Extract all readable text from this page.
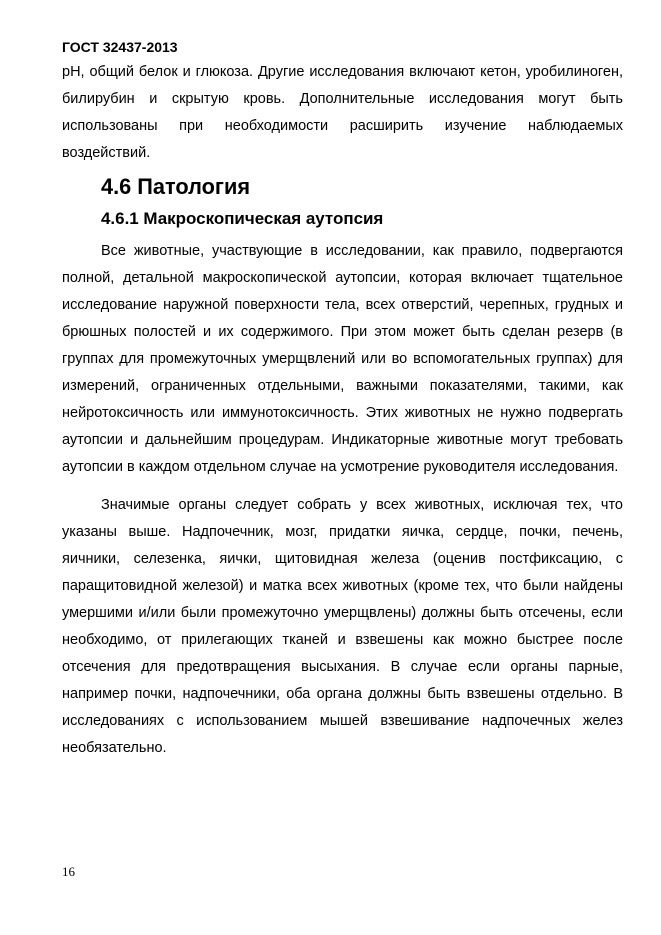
ГОСТ 32437-2013

рН, общий белок и глюкоза. Другие исследования включают кетон, уробилиноген, билирубин и скрытую кровь. Дополнительные исследования могут быть использованы при необходимости расширить изучение наблюдаемых воздействий.

4.6 Патология
4.6.1 Макроскопическая аутопсия

Все животные, участвующие в исследовании, как правило, подвергаются полной, детальной макроскопической аутопсии, которая включает тщательное исследование наружной поверхности тела, всех отверстий, черепных, грудных и брюшных полостей и их содержимого. При этом может быть сделан резерв (в группах для промежуточных умерщвлений или во вспомогательных группах) для измерений, ограниченных отдельными, важными показателями, такими, как нейротоксичность или иммунотоксичность. Этих животных не нужно подвергать аутопсии и дальнейшим процедурам. Индикаторные животные могут требовать аутопсии в каждом отдельном случае на усмотрение руководителя исследования.

Значимые органы следует собрать у всех животных, исключая тех, что указаны выше. Надпочечник, мозг, придатки яичка, сердце, почки, печень, яичники, селезенка, яички, щитовидная железа (оценив постфиксацию, с паращитовидной железой) и матка всех животных (кроме тех, что были найдены умершими и/или были промежуточно умерщвлены) должны быть отсечены, если необходимо, от прилегающих тканей и взвешены как можно быстрее после отсечения для предотвращения высыхания. В случае если органы парные, например почки, надпочечники, оба органа должны быть взвешены отдельно. В исследованиях с использованием мышей взвешивание надпочечных желез необязательно.

16
